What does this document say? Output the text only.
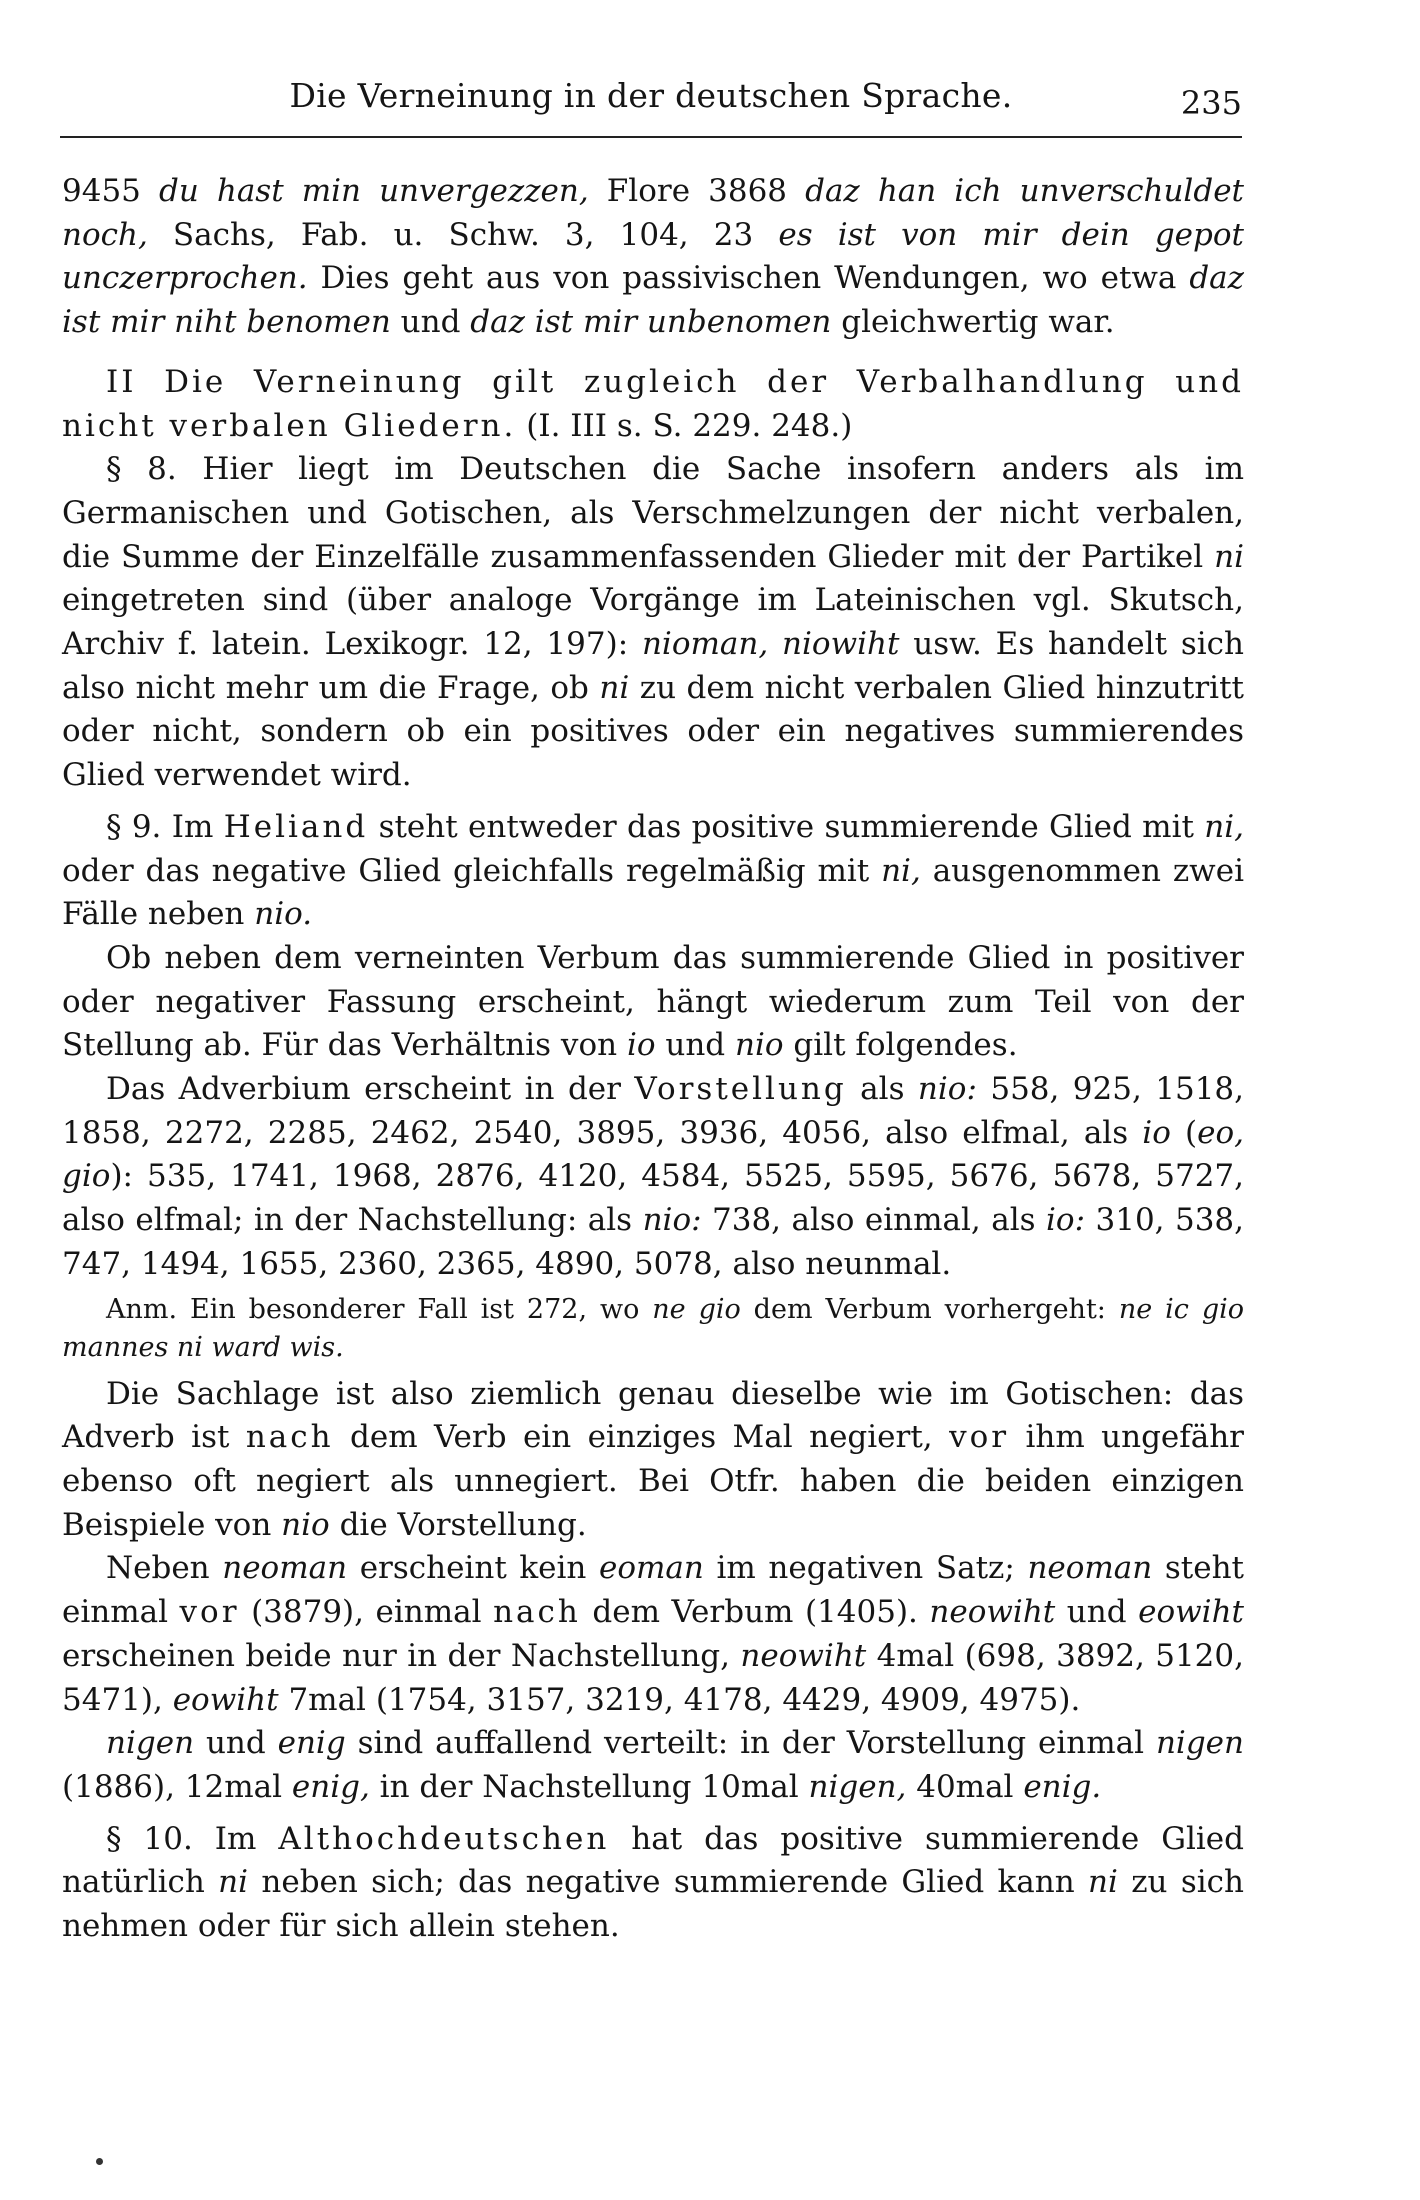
Die Verneinung in der deutschen Sprache.	235

9455 du hast min unvergezzen, Flore 3868 daz han ich unverschuldet noch, Sachs, Fab. u. Schw. 3, 104, 23 es ist von mir dein gepot unczerprochen. Dies geht aus von passivischen Wendungen, wo etwa daz ist mir niht benomen und daz ist mir unbenomen gleichwertig war.

II Die Verneinung gilt zugleich der Verbalhandlung und nicht verbalen Gliedern. (I. III s. S. 229. 248.)

§ 8. Hier liegt im Deutschen die Sache insofern anders als im Germanischen und Gotischen, als Verschmelzungen der nicht verbalen, die Summe der Einzelfälle zusammenfassenden Glieder mit der Partikel ni eingetreten sind (über analoge Vorgänge im Lateinischen vgl. Skutsch, Archiv f. latein. Lexikogr. 12, 197): nioman, niowiht usw. Es handelt sich also nicht mehr um die Frage, ob ni zu dem nicht verbalen Glied hinzutritt oder nicht, sondern ob ein positives oder ein negatives summierendes Glied verwendet wird.

§ 9. Im Heliand steht entweder das positive summierende Glied mit ni, oder das negative Glied gleichfalls regelmäßig mit ni, ausgenommen zwei Fälle neben nio.

Ob neben dem verneinten Verbum das summierende Glied in positiver oder negativer Fassung erscheint, hängt wiederum zum Teil von der Stellung ab. Für das Verhältnis von io und nio gilt folgendes.

Das Adverbium erscheint in der Vorstellung als nio: 558, 925, 1518, 1858, 2272, 2285, 2462, 2540, 3895, 3936, 4056, also elfmal, als io (eo, gio): 535, 1741, 1968, 2876, 4120, 4584, 5525, 5595, 5676, 5678, 5727, also elfmal; in der Nachstellung: als nio: 738, also einmal, als io: 310, 538, 747, 1494, 1655, 2360, 2365, 4890, 5078, also neunmal.

Anm. Ein besonderer Fall ist 272, wo ne gio dem Verbum vorhergeht: ne ic gio mannes ni ward wis.

Die Sachlage ist also ziemlich genau dieselbe wie im Gotischen: das Adverb ist nach dem Verb ein einziges Mal negiert, vor ihm ungefähr ebenso oft negiert als unnegiert. Bei Otfr. haben die beiden einzigen Beispiele von nio die Vorstellung.

Neben neoman erscheint kein eoman im negativen Satz; neoman steht einmal vor (3879), einmal nach dem Verbum (1405). neowiht und eowiht erscheinen beide nur in der Nachstellung, neowiht 4mal (698, 3892, 5120, 5471), eowiht 7mal (1754, 3157, 3219, 4178, 4429, 4909, 4975).

nigen und enig sind auffallend verteilt: in der Vorstellung einmal nigen (1886), 12mal enig, in der Nachstellung 10mal nigen, 40mal enig.

§ 10. Im Althochdeutschen hat das positive summierende Glied natürlich ni neben sich; das negative summierende Glied kann ni zu sich nehmen oder für sich allein stehen.
